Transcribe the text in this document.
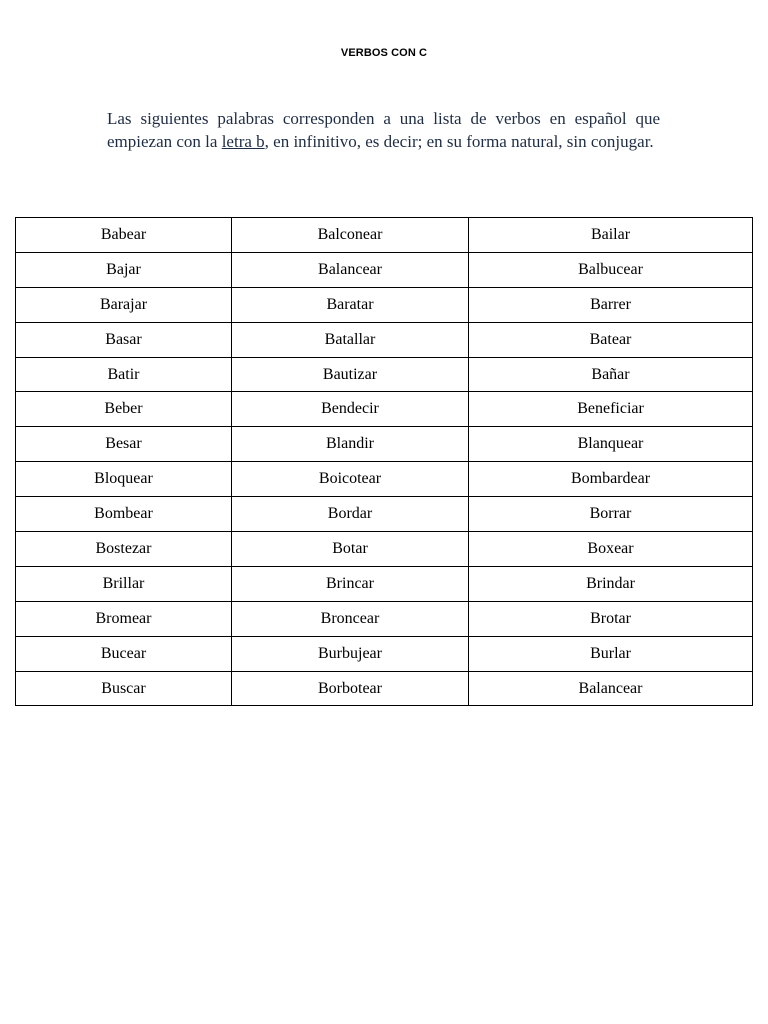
VERBOS CON C

Las siguientes palabras corresponden a una lista de verbos en español que empiezan con la letra b, en infinitivo, es decir; en su forma natural, sin conjugar.

Babear	Balconear	Bailar
Bajar	Balancear	Balbucear
Barajar	Baratar	Barrer
Basar	Batallar	Batear
Batir	Bautizar	Bañar
Beber	Bendecir	Beneficiar
Besar	Blandir	Blanquear
Bloquear	Boicotear	Bombardear
Bombear	Bordar	Borrar
Bostezar	Botar	Boxear
Brillar	Brincar	Brindar
Bromear	Broncear	Brotar
Bucear	Burbujear	Burlar
Buscar	Borbotear	Balancear
